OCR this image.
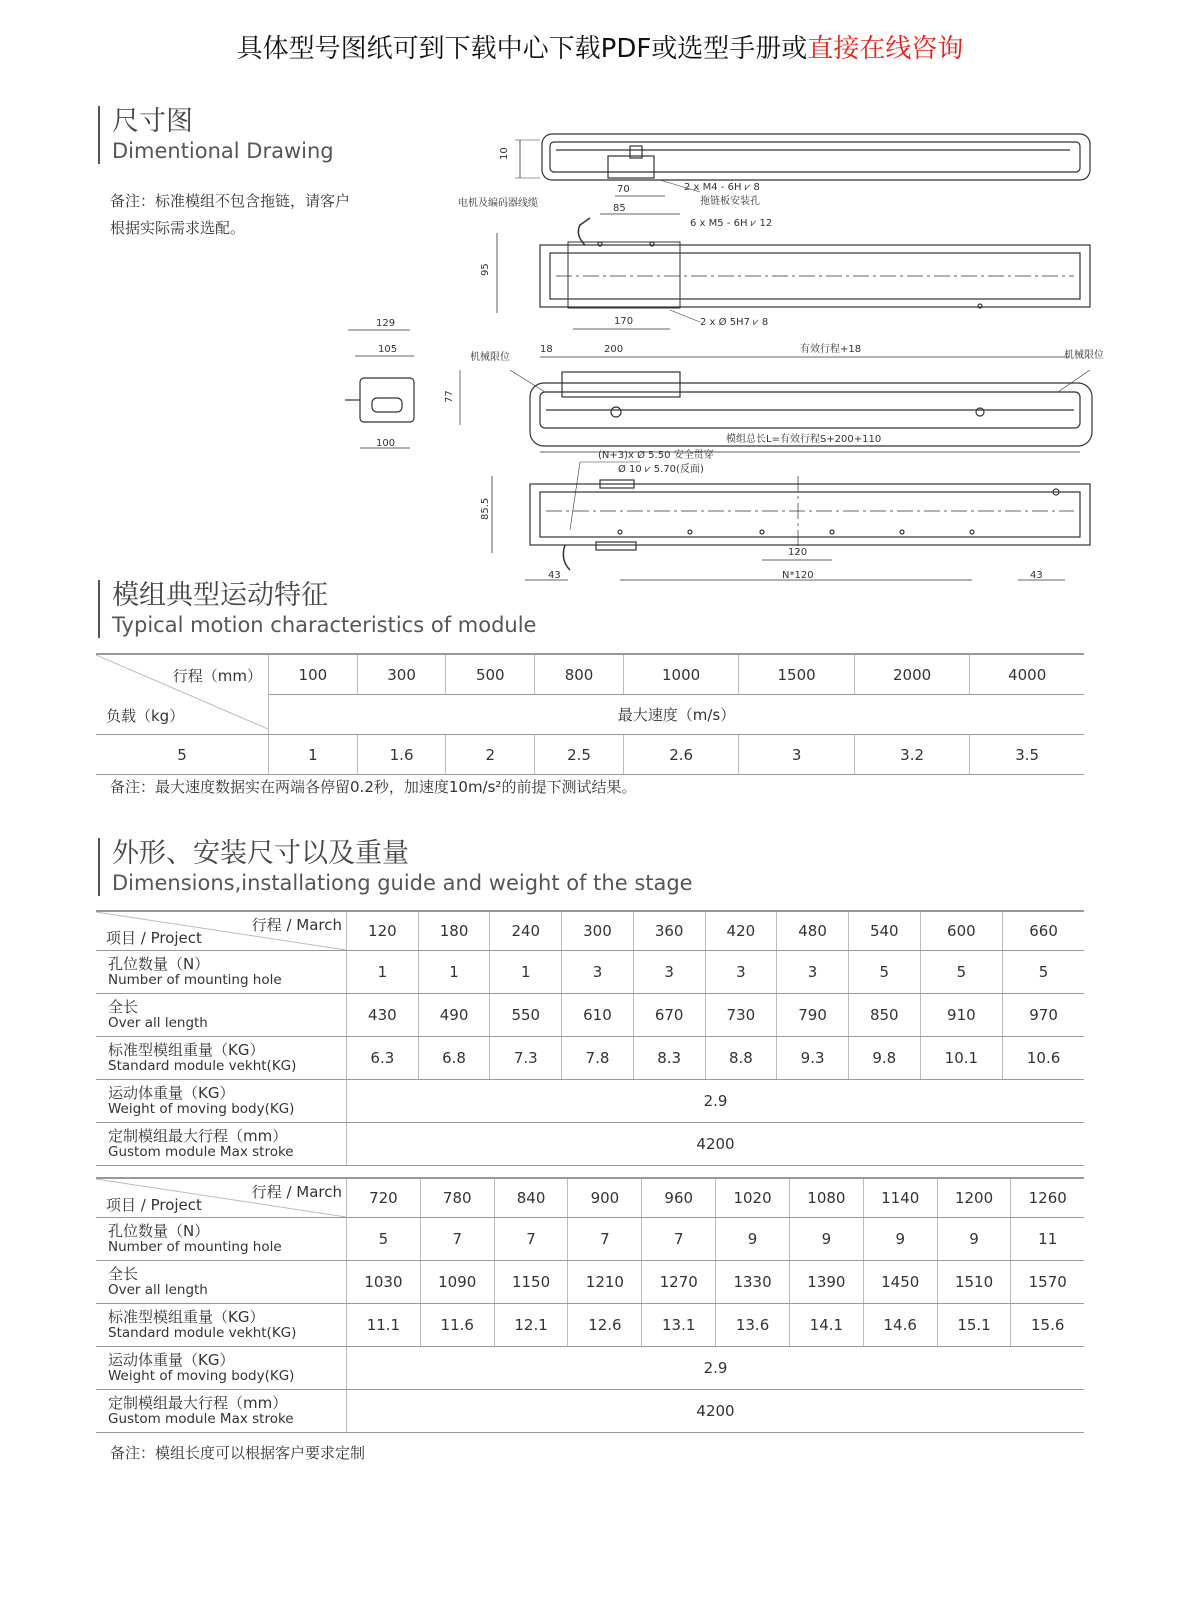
具体型号图纸可到下载中心下载PDF或选型手册或直接在线咨询
尺寸图
Dimentional Drawing
备注：标准模组不包含拖链，请客户
根据实际需求选配。
10
70	2 x M4 - 6H ⩗ 8
拖链板安装孔
电机及编码器线缆	85
6 x M5 - 6H ⩗ 12
95
170	2 x Ø 5H7 ⩗ 8
129
105
77
100
机械限位	机械限位
18	200	有效行程+18
模组总长L=有效行程S+200+110
(N+3)x Ø 5.50 安全贯穿
Ø 10 ⩗ 5.70(反面)
85.5
120
43	N*120	43
模组典型运动特征
Typical motion characteristics of module
行程（mm）
负载（kg）	100	300	500	800	1000	1500	2000	4000
	最大速度（m/s）							
5	1	1.6	2	2.5	2.6	3	3.2	3.5
备注：最大速度数据实在两端各停留0.2秒，加速度10m/s²的前提下测试结果。
外形、安装尺寸以及重量
Dimensions,installationg guide and weight of the stage
行程 / March
项目 / Project	120	180	240	300	360	420	480	540	600	660

孔位数量（N）
Number of mounting hole	1	1	1	3	3	3	3	5	5	5

全长
Over all length	430	490	550	610	670	730	790	850	910	970

标准型模组重量（KG）
Standard module vekht(KG)	6.3	6.8	7.3	7.8	8.3	8.8	9.3	9.8	10.1	10.6

运动体重量（KG）
Weight of moving body(KG)	2.9									

定制模组最大行程（mm）
Gustom module Max stroke	4200									
行程 / March
项目 / Project	720	780	840	900	960	1020	1080	1140	1200	1260

孔位数量（N）
Number of mounting hole	5	7	7	7	7	9	9	9	9	11

全长
Over all length	1030	1090	1150	1210	1270	1330	1390	1450	1510	1570

标准型模组重量（KG）
Standard module vekht(KG)	11.1	11.6	12.1	12.6	13.1	13.6	14.1	14.6	15.1	15.6

运动体重量（KG）
Weight of moving body(KG)	2.9									

定制模组最大行程（mm）
Gustom module Max stroke	4200									
备注：模组长度可以根据客户要求定制
